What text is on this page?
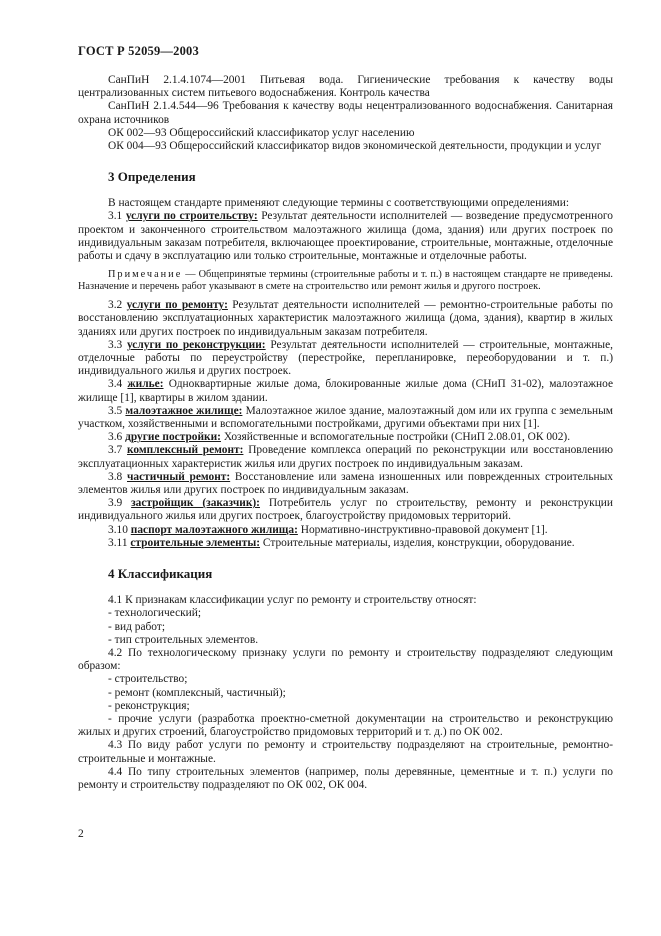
ГОСТ Р 52059—2003

СанПиН 2.1.4.1074—2001 Питьевая вода. Гигиенические требования к качеству воды централизованных систем питьевого водоснабжения. Контроль качества

СанПиН 2.1.4.544—96 Требования к качеству воды нецентрализованного водоснабжения. Санитарная охрана источников

ОК 002—93 Общероссийский классификатор услуг населению

ОК 004—93 Общероссийский классификатор видов экономической деятельности, продукции и услуг

3 Определения

В настоящем стандарте применяют следующие термины с соответствующими определениями:

3.1 услуги по строительству: Результат деятельности исполнителей — возведение предусмотренного проектом и законченного строительством малоэтажного жилища (дома, здания) или других построек по индивидуальным заказам потребителя, включающее проектирование, строительные, монтажные, отделочные работы и сдачу в эксплуатацию или только строительные, монтажные и отделочные работы.

Примечание — Общепринятые термины (строительные работы и т. п.) в настоящем стандарте не приведены. Назначение и перечень работ указывают в смете на строительство или ремонт жилья и другого построек.

3.2 услуги по ремонту: Результат деятельности исполнителей — ремонтно-строительные работы по восстановлению эксплуатационных характеристик малоэтажного жилища (дома, здания), квартир в жилых зданиях или других построек по индивидуальным заказам потребителя.

3.3 услуги по реконструкции: Результат деятельности исполнителей — строительные, монтажные, отделочные работы по переустройству (перестройке, перепланировке, переоборудовании и т. п.) индивидуального жилья и других построек.

3.4 жилье: Одноквартирные жилые дома, блокированные жилые дома (СНиП 31-02), малоэтажное жилище [1], квартиры в жилом здании.

3.5 малоэтажное жилище: Малоэтажное жилое здание, малоэтажный дом или их группа с земельным участком, хозяйственными и вспомогательными постройками, другими объектами при них [1].

3.6 другие постройки: Хозяйственные и вспомогательные постройки (СНиП 2.08.01, ОК 002).

3.7 комплексный ремонт: Проведение комплекса операций по реконструкции или восстановлению эксплуатационных характеристик жилья или других построек по индивидуальным заказам.

3.8 частичный ремонт: Восстановление или замена изношенных или поврежденных строительных элементов жилья или других построек по индивидуальным заказам.

3.9 застройщик (заказчик): Потребитель услуг по строительству, ремонту и реконструкции индивидуального жилья или других построек, благоустройству придомовых территорий.

3.10 паспорт малоэтажного жилища: Нормативно-инструктивно-правовой документ [1].

3.11 строительные элементы: Строительные материалы, изделия, конструкции, оборудование.

4 Классификация

4.1 К признакам классификации услуг по ремонту и строительству относят:

- технологический;

- вид работ;

- тип строительных элементов.

4.2 По технологическому признаку услуги по ремонту и строительству подразделяют следующим образом:

- строительство;

- ремонт (комплексный, частичный);

- реконструкция;

- прочие услуги (разработка проектно-сметной документации на строительство и реконструкцию жилых и других строений, благоустройство придомовых территорий и т. д.) по ОК 002.

4.3 По виду работ услуги по ремонту и строительству подразделяют на строительные, ремонтно-строительные и монтажные.

4.4 По типу строительных элементов (например, полы деревянные, цементные и т. п.) услуги по ремонту и строительству подразделяют по ОК 002, ОК 004.

2
